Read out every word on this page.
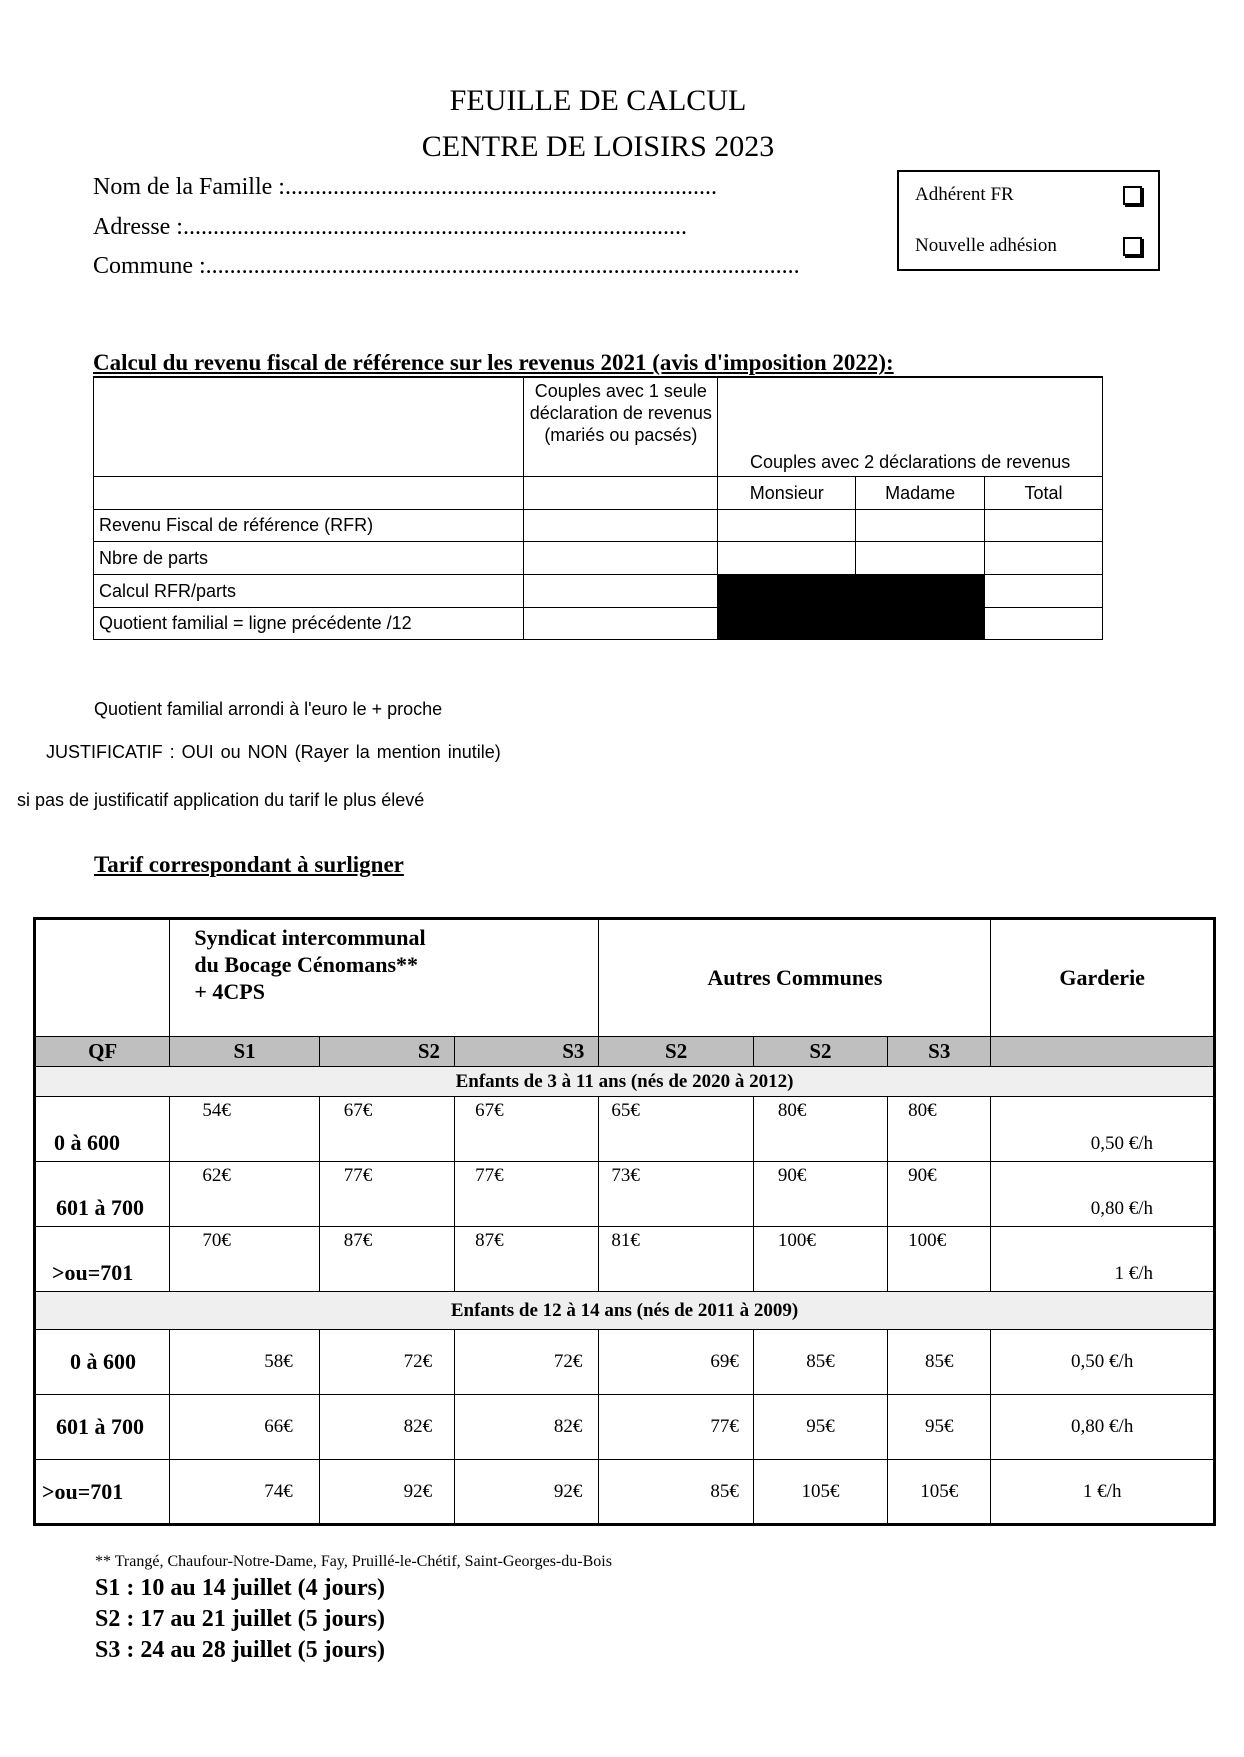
FEUILLE DE CALCUL
CENTRE DE LOISIRS 2023
Nom de la Famille :........................................................................
Adresse :....................................................................................
Commune :...................................................................................................
Adhérent FR
Nouvelle adhésion
Calcul du revenu fiscal de référence sur les revenus 2021 (avis d'imposition 2022):
	Couples avec 1 seule déclaration de revenus (mariés ou pacsés)	Couples avec 2 déclarations de revenus		
		Monsieur	Madame	Total
Revenu Fiscal de référence (RFR)				
Nbre de parts				
Calcul RFR/parts				
Quotient familial = ligne précédente /12				
Quotient familial arrondi à l'euro le + proche
JUSTIFICATIF : OUI ou NON (Rayer la mention inutile)
si pas de justificatif application du tarif le plus élevé
Tarif correspondant à surligner

	Syndicat intercommunal
du Bocage Cénomans**
+ 4CPS			Autres Communes			Garderie
QF	S1	S2	S3	S2	S2	S3	
Enfants de 3 à 11 ans (nés de 2020 à 2012)							
0 à 600	54€	67€	67€	65€	80€	80€	0,50 €/h
601 à 700	62€	77€	77€	73€	90€	90€	0,80 €/h
>ou=701	70€	87€	87€	81€	100€	100€	1 €/h
Enfants de 12 à 14 ans (nés de 2011 à 2009)							
0 à 600	58€	72€	72€	69€	85€	85€	0,50 €/h
601 à 700	66€	82€	82€	77€	95€	95€	0,80 €/h
>ou=701	74€	92€	92€	85€	105€	105€	1 €/h
** Trangé, Chaufour-Notre-Dame, Fay, Pruillé-le-Chétif, Saint-Georges-du-Bois
S1 : 10 au 14 juillet (4 jours)
S2 : 17 au 21 juillet (5 jours)
S3 : 24 au 28 juillet (5 jours)
